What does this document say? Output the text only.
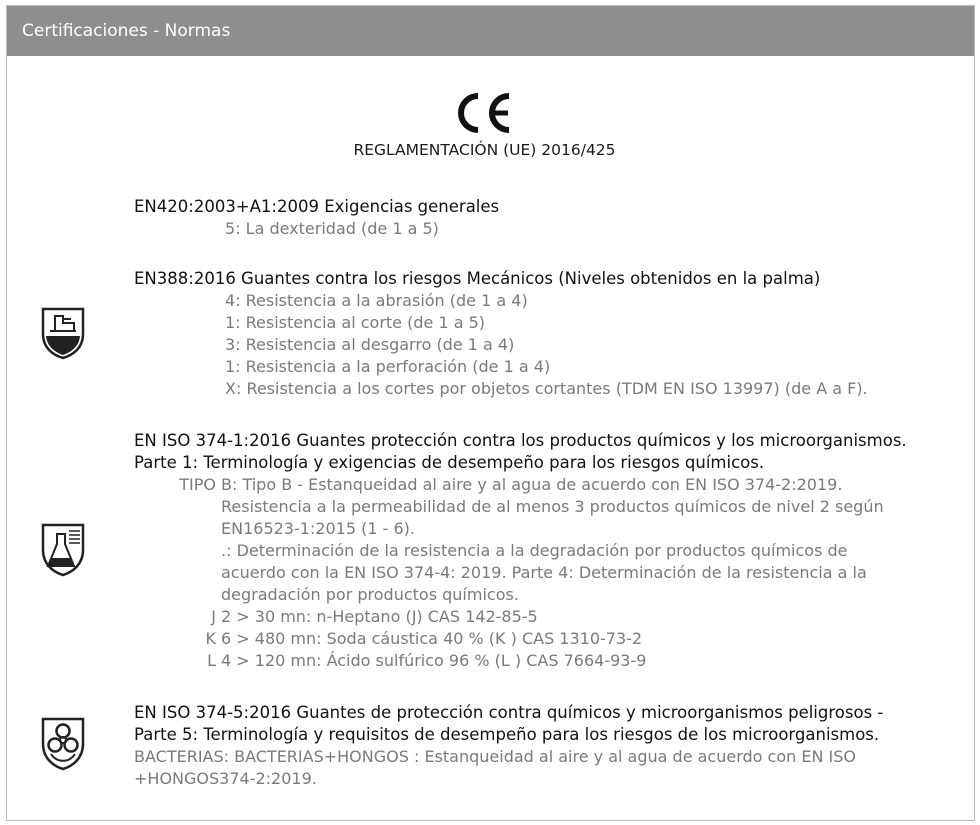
Certificaciones - Normas
REGLAMENTACIÓN (UE) 2016/425
EN420:2003+A1:2009 Exigencias generales
5: La dexteridad (de 1 a 5)
EN388:2016 Guantes contra los riesgos Mecánicos (Niveles obtenidos en la palma)
4: Resistencia a la abrasión (de 1 a 4)
1: Resistencia al corte (de 1 a 5)
3: Resistencia al desgarro (de 1 a 4)
1: Resistencia a la perforación (de 1 a 4)
X: Resistencia a los cortes por objetos cortantes (TDM EN ISO 13997) (de A a F).
EN ISO 374-1:2016 Guantes protección contra los productos químicos y los microorganismos.
Parte 1: Terminología y exigencias de desempeño para los riesgos químicos.
TIPO B: Tipo B - Estanqueidad al aire y al agua de acuerdo con EN ISO 374-2:2019.
Resistencia a la permeabilidad de al menos 3 productos químicos de nivel 2 según
EN16523-1:2015 (1 - 6).
.: Determinación de la resistencia a la degradación por productos químicos de
acuerdo con la EN ISO 374-4: 2019. Parte 4: Determinación de la resistencia a la
degradación por productos químicos.
J 2 > 30 mn: n-Heptano (J) CAS 142-85-5
K 6 > 480 mn: Soda cáustica 40 % (K ) CAS 1310-73-2
L 4 > 120 mn: Ácido sulfúrico 96 % (L ) CAS 7664-93-9
EN ISO 374-5:2016 Guantes de protección contra químicos y microorganismos peligrosos -
Parte 5: Terminología y requisitos de desempeño para los riesgos de los microorganismos.
BACTERIAS: BACTERIAS+HONGOS : Estanqueidad al aire y al agua de acuerdo con EN ISO
+HONGOS374-2:2019.
